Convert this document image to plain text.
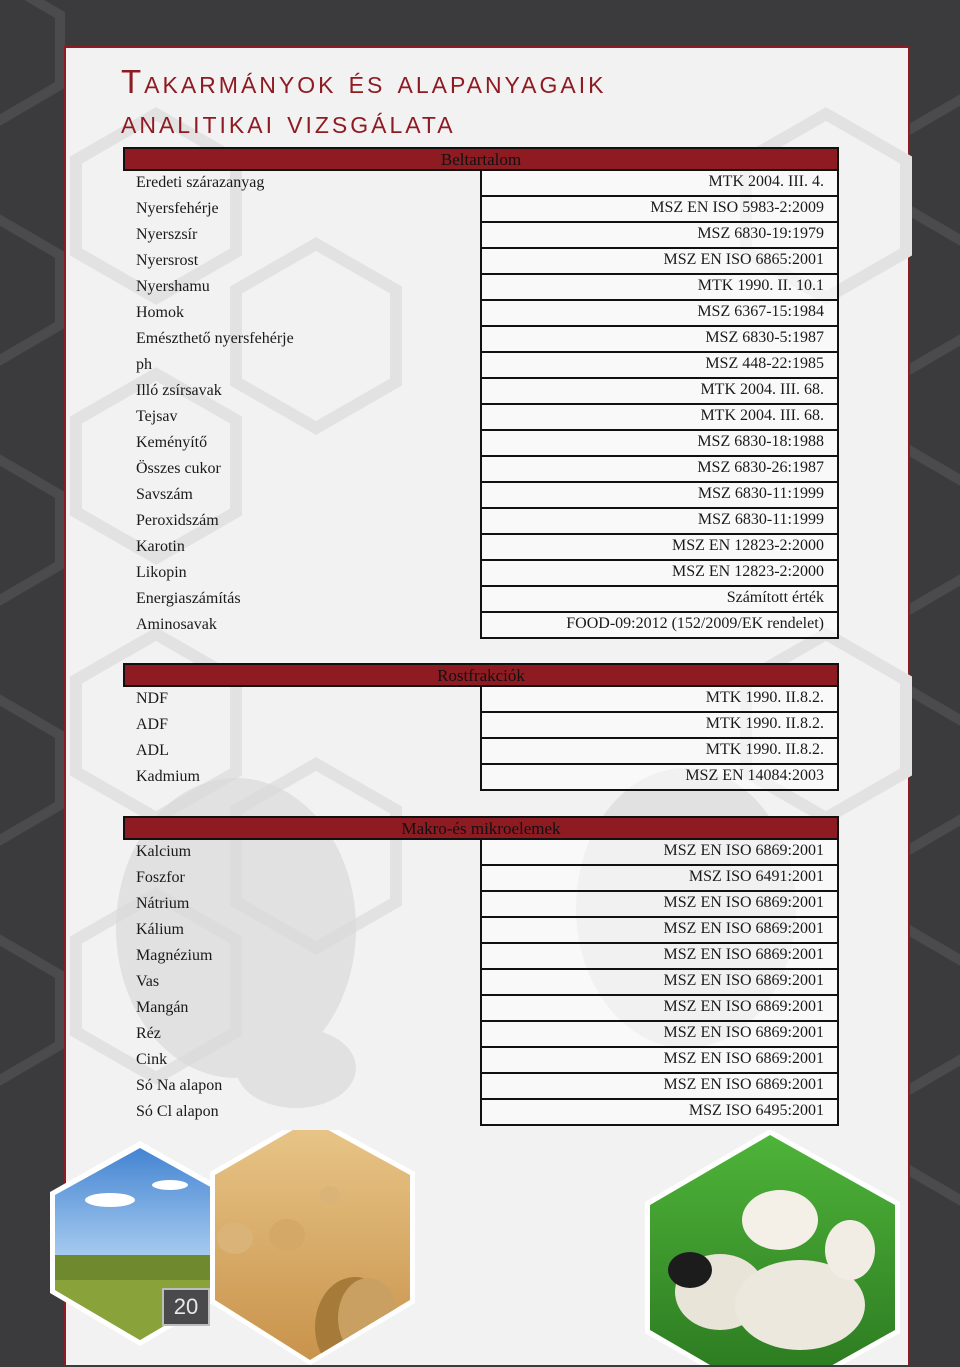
Takarmányok és alapanyagaik
analitikai vizsgálata
Beltartalom
Eredeti szárazanyag	MTK 2004. III. 4.
Nyersfehérje	MSZ EN ISO 5983-2:2009
Nyerszsír	MSZ 6830-19:1979
Nyersrost	MSZ EN ISO 6865:2001
Nyershamu	MTK 1990. II. 10.1
Homok	MSZ 6367-15:1984
Emészthető nyersfehérje	MSZ 6830-5:1987
ph	MSZ 448-22:1985
Illó zsírsavak	MTK 2004. III. 68.
Tejsav	MTK 2004. III. 68.
Keményítő	MSZ 6830-18:1988
Összes cukor	MSZ 6830-26:1987
Savszám	MSZ 6830-11:1999
Peroxidszám	MSZ 6830-11:1999
Karotin	MSZ EN 12823-2:2000
Likopin	MSZ EN 12823-2:2000
Energiaszámítás	Számított érték
Aminosavak	FOOD-09:2012 (152/2009/EK rendelet)
Rostfrakciók
NDF	MTK 1990. II.8.2.
ADF	MTK 1990. II.8.2.
ADL	MTK 1990. II.8.2.
Kadmium	MSZ EN 14084:2003
Makro-és mikroelemek
Kalcium	MSZ EN ISO 6869:2001
Foszfor	MSZ ISO 6491:2001
Nátrium	MSZ EN ISO 6869:2001
Kálium	MSZ EN ISO 6869:2001
Magnézium	MSZ EN ISO 6869:2001
Vas	MSZ EN ISO 6869:2001
Mangán	MSZ EN ISO 6869:2001
Réz	MSZ EN ISO 6869:2001
Cink	MSZ EN ISO 6869:2001
Só Na alapon	MSZ EN ISO 6869:2001
Só Cl alapon	MSZ ISO 6495:2001
20
